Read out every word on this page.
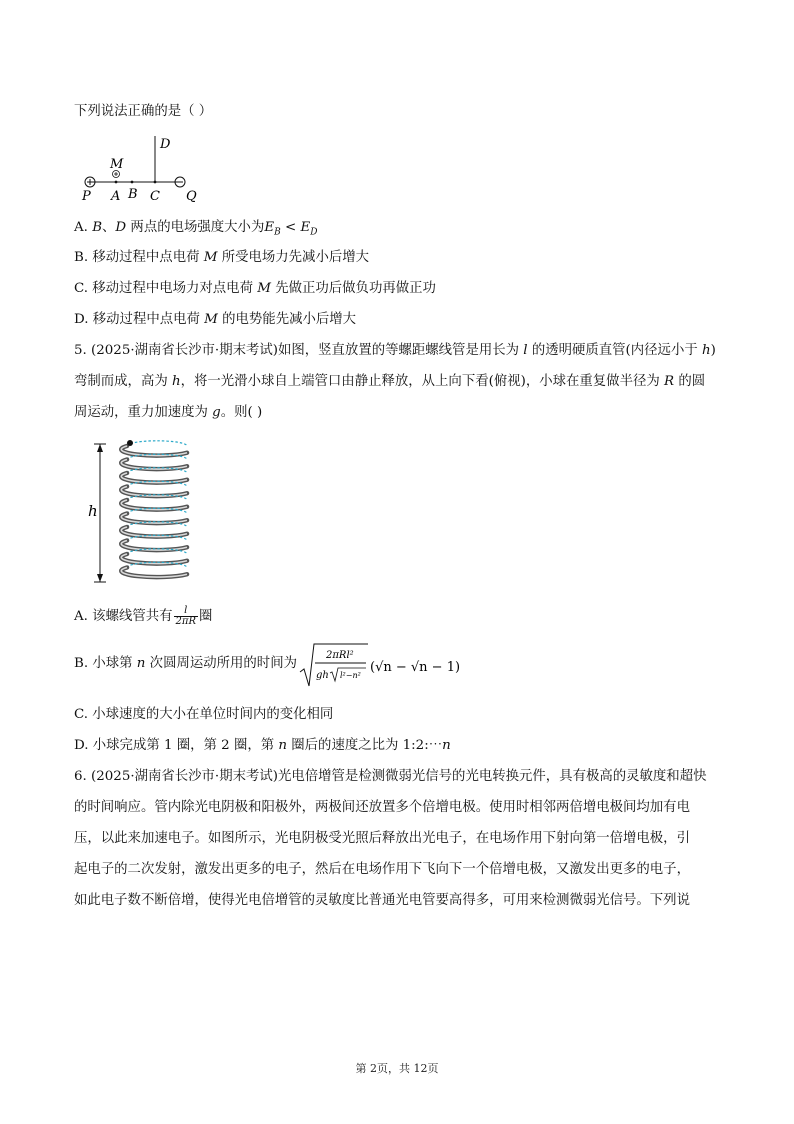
下列说法正确的是（ ）
P A B C
D
M
Q
A. B、D 两点的电场强度大小为$E_B < E_D$
B. 移动过程中点电荷 M 所受电场力先减小后增大
C. 移动过程中电场力对点电荷 M 先做正功后做负功再做正功
D. 移动过程中点电荷 M 的电势能先减小后增大
5. (2025·湖南省长沙市·期末考试)如图，竖直放置的等螺距螺线管是用长为 l 的透明硬质直管(内径远小于 h)
弯制而成，高为 h，将一光滑小球自上端管口由静止释放，从上向下看(俯视)，小球在重复做半径为 R 的圆
周运动，重力加速度为 g。则( )
h
A. 该螺线管共有 $\frac{l}{2\pi R}$ 圈
B. 小球第 n 次圆周运动所用的时间为
2πRl²
gh l²−n²
(√n − √n − 1)
C. 小球速度的大小在单位时间内的变化相同
D. 小球完成第 1 圈，第 2 圈，第 n 圈后的速度之比为 1:2:⋯n
6. (2025·湖南省长沙市·期末考试)光电倍增管是检测微弱光信号的光电转换元件，具有极高的灵敏度和超快
的时间响应。管内除光电阴极和阳极外，两极间还放置多个倍增电极。使用时相邻两倍增电极间均加有电
压，以此来加速电子。如图所示，光电阴极受光照后释放出光电子，在电场作用下射向第一倍增电极，引
起电子的二次发射，激发出更多的电子，然后在电场作用下飞向下一个倍增电极，又激发出更多的电子，
如此电子数不断倍增，使得光电倍增管的灵敏度比普通光电管要高得多，可用来检测微弱光信号。下列说
第 2页，共 12页
